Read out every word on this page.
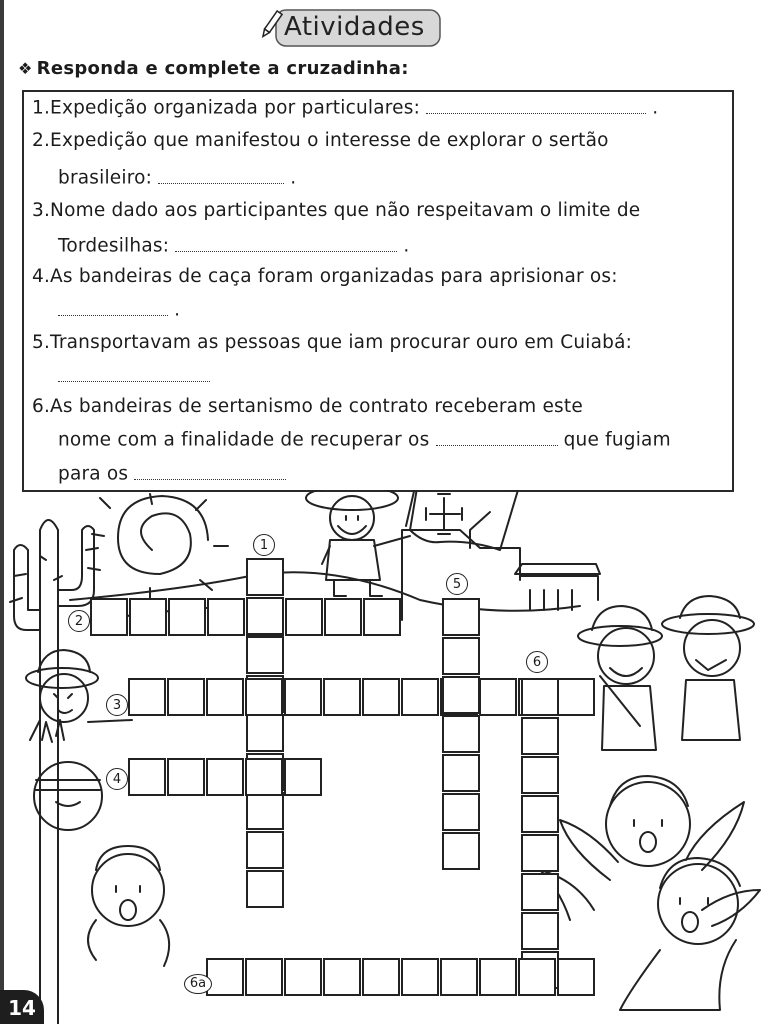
Atividades
❖ Responda e complete a cruzadinha:
1.Expedição organizada por particulares:	.
2.Expedição que manifestou o interesse de explorar o sertão
brasileiro:	.
3.Nome dado aos participantes que não respeitavam o limite de
Tordesilhas:	.
4.As bandeiras de caça foram organizadas para aprisionar os:
.
5.Transportavam as pessoas que iam procurar ouro em Cuiabá:
6.As bandeiras de sertanismo de contrato receberam este
nome com a finalidade de recuperar os	que fugiam
para os
1
2
3
4
5
6
6a
14
